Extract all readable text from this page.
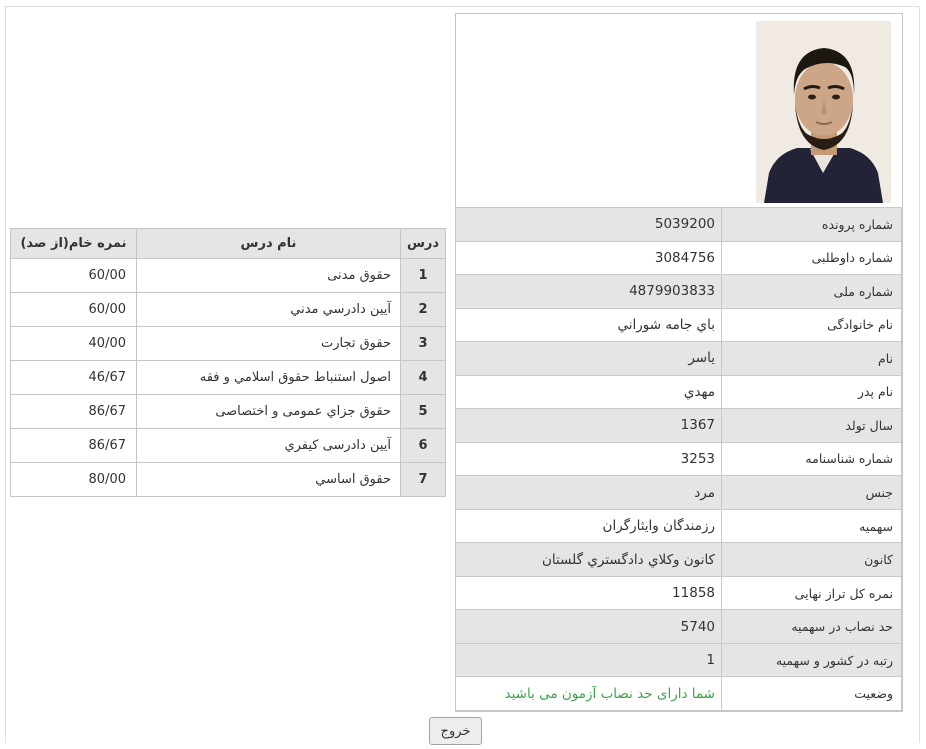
درس	نام درس	نمره خام(از صد)
1	حقوق مدنی	60/00
2	آيين دادرسي مدني	60/00
3	حقوق تجارت	40/00
4	اصول استنباط حقوق اسلامي و فقه	46/67
5	حقوق جزاي عمومی و اختصاصی	86/67
6	آيين دادرسی کیفري	86/67
7	حقوق اساسي	80/00
شماره پرونده	5039200
شماره داوطلبی	3084756
شماره ملی	4879903833
نام خانوادگی	باي جامه شوراني
نام	ياسر
نام پدر	مهدي
سال تولد	1367
شماره شناسنامه	3253
جنس	مرد
سهمیه	رزمندگان وایثارگران
کانون	کانون وکلاي دادگستري گلستان
نمره کل تراز نهایی	11858
حد نصاب در سهمیه	5740
رتبه در کشور و سهمیه	1
وضعیت	شما دارای حد نصاب آزمون می باشید
خروج
